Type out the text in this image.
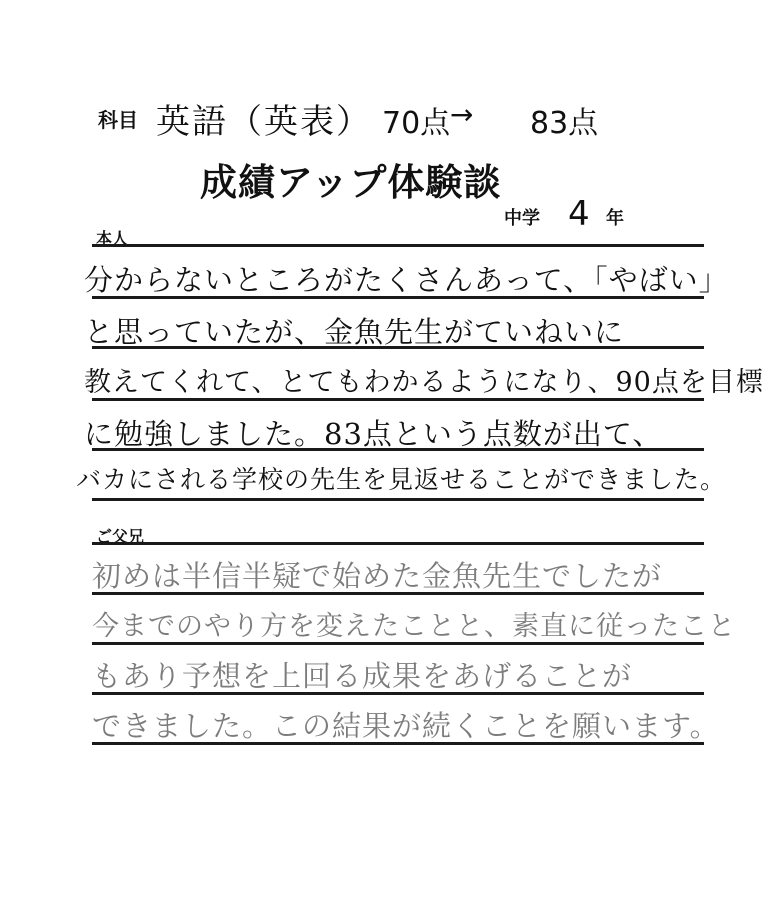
科目 英語（英表） 70点 → 83点
成績アップ体験談
中学 4 年
本人
分からないところがたくさんあって、「やばい」
と思っていたが、金魚先生がていねいに
教えてくれて、とてもわかるようになり、90点を目標
に勉強しました。83点という点数が出て、
バカにされる学校の先生を見返せることができました。
ご父兄
初めは半信半疑で始めた金魚先生でしたが
今までのやり方を変えたことと、素直に従ったこと
もあり予想を上回る成果をあげることが
できました。この結果が続くことを願います。
